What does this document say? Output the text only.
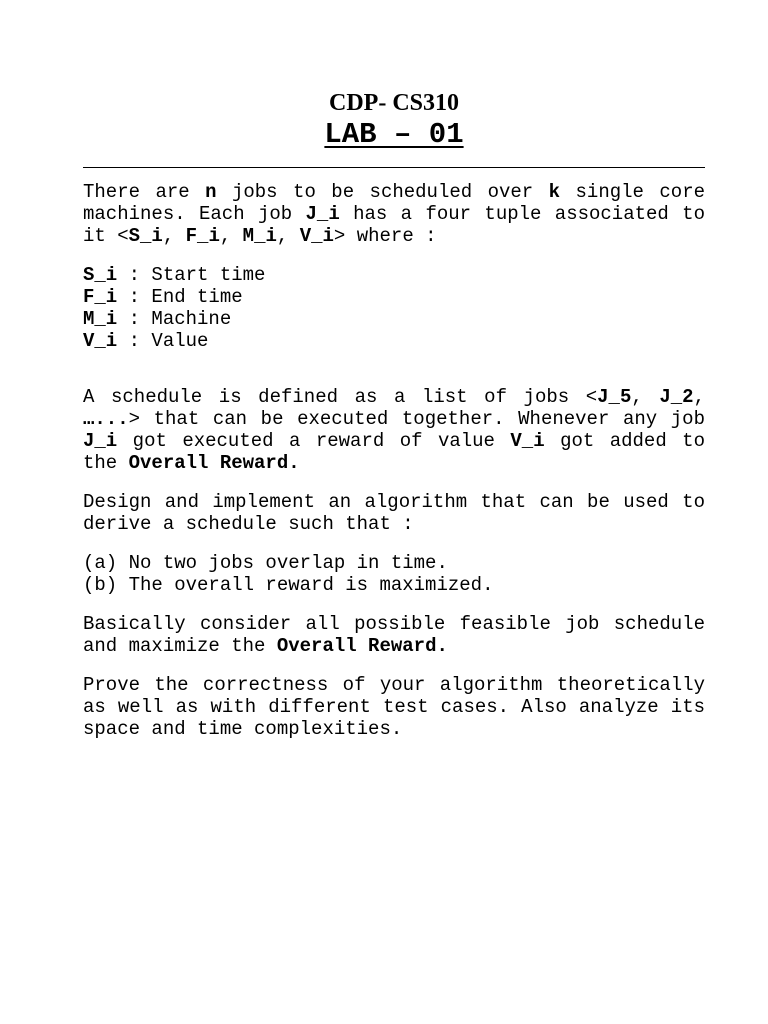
CDP- CS310
LAB – 01

There are n jobs to be scheduled over k single core machines. Each job J_i has a four tuple associated to it <S_i, F_i, M_i, V_i> where :

S_i : Start time
F_i : End time
M_i : Machine
V_i : Value

A schedule is defined as a list of jobs <J_5, J_2, …...> that can be executed together. Whenever any job J_i got executed a reward of value V_i got added to the Overall Reward.

Design and implement an algorithm that can be used to derive a schedule such that :

(a) No two jobs overlap in time.
(b) The overall reward is maximized.

Basically consider all possible feasible job schedule and maximize the Overall Reward.

Prove the correctness of your algorithm theoretically as well as with different test cases. Also analyze its space and time complexities.
